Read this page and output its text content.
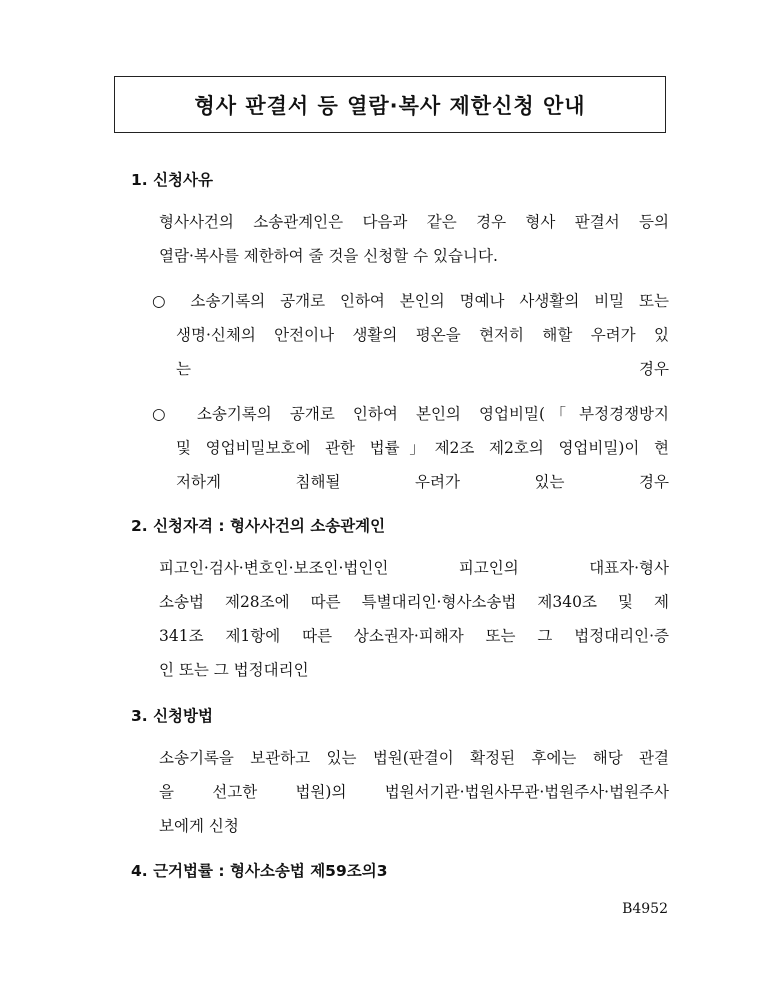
형사 판결서 등 열람·복사 제한신청 안내
1. 신청사유
형사사건의 소송관계인은 다음과 같은 경우 형사 판결서 등의
열람·복사를 제한하여 줄 것을 신청할 수 있습니다.
○ 소송기록의 공개로 인하여 본인의 명예나 사생활의 비밀 또는
생명·신체의 안전이나 생활의 평온을 현저히 해할 우려가 있
는 경우
○ 소송기록의 공개로 인하여 본인의 영업비밀(「부정경쟁방지
및 영업비밀보호에 관한 법률」제2조 제2호의 영업비밀)이 현
저하게 침해될 우려가 있는 경우
2. 신청자격 : 형사사건의 소송관계인
피고인·검사·변호인·보조인·법인인 피고인의 대표자·형사
소송법 제28조에 따른 특별대리인·형사소송법 제340조 및 제
341조 제1항에 따른 상소권자·피해자 또는 그 법정대리인·증
인 또는 그 법정대리인
3. 신청방법
소송기록을 보관하고 있는 법원(판결이 확정된 후에는 해당 관결
을 선고한 법원)의 법원서기관·법원사무관·법원주사·법원주사
보에게 신청
4. 근거법률 : 형사소송법 제59조의3
B4952
